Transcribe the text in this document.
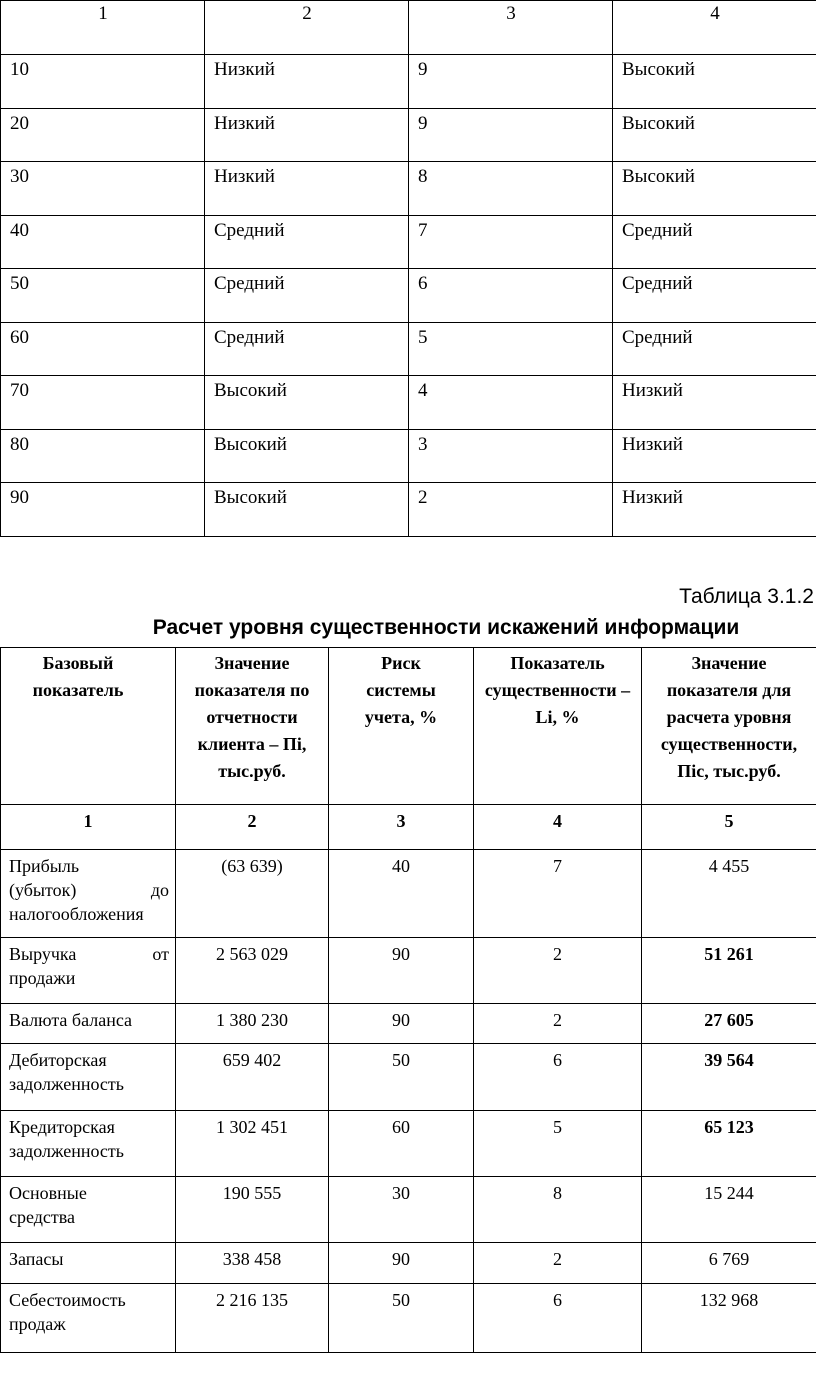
1	2	3	4
10	Низкий	9	Высокий
20	Низкий	9	Высокий
30	Низкий	8	Высокий
40	Средний	7	Средний
50	Средний	6	Средний
60	Средний	5	Средний
70	Высокий	4	Низкий
80	Высокий	3	Низкий
90	Высокий	2	Низкий
Таблица 3.1.2
Расчет уровня существенности искажений информации
Базовый показатель	Значение показателя по отчетности клиента – Пi, тыс.руб.	Риск системы учета, %	Показатель существенности – Li, %	Значение показателя для расчета уровня существенности, Пic, тыс.руб.
1	2	3	4	5

Прибыль
(убыток) до
налогообложения	(63 639)	40	7	4 455

Выручка от
продажи	2 563 029	90	2	51 261
Валюта баланса	1 380 230	90	2	27 605

Дебиторская
задолженность	659 402	50	6	39 564

Кредиторская
задолженность	1 302 451	60	5	65 123

Основные
средства	190 555	30	8	15 244
Запасы	338 458	90	2	6 769

Себестоимость
продаж	2 216 135	50	6	132 968
